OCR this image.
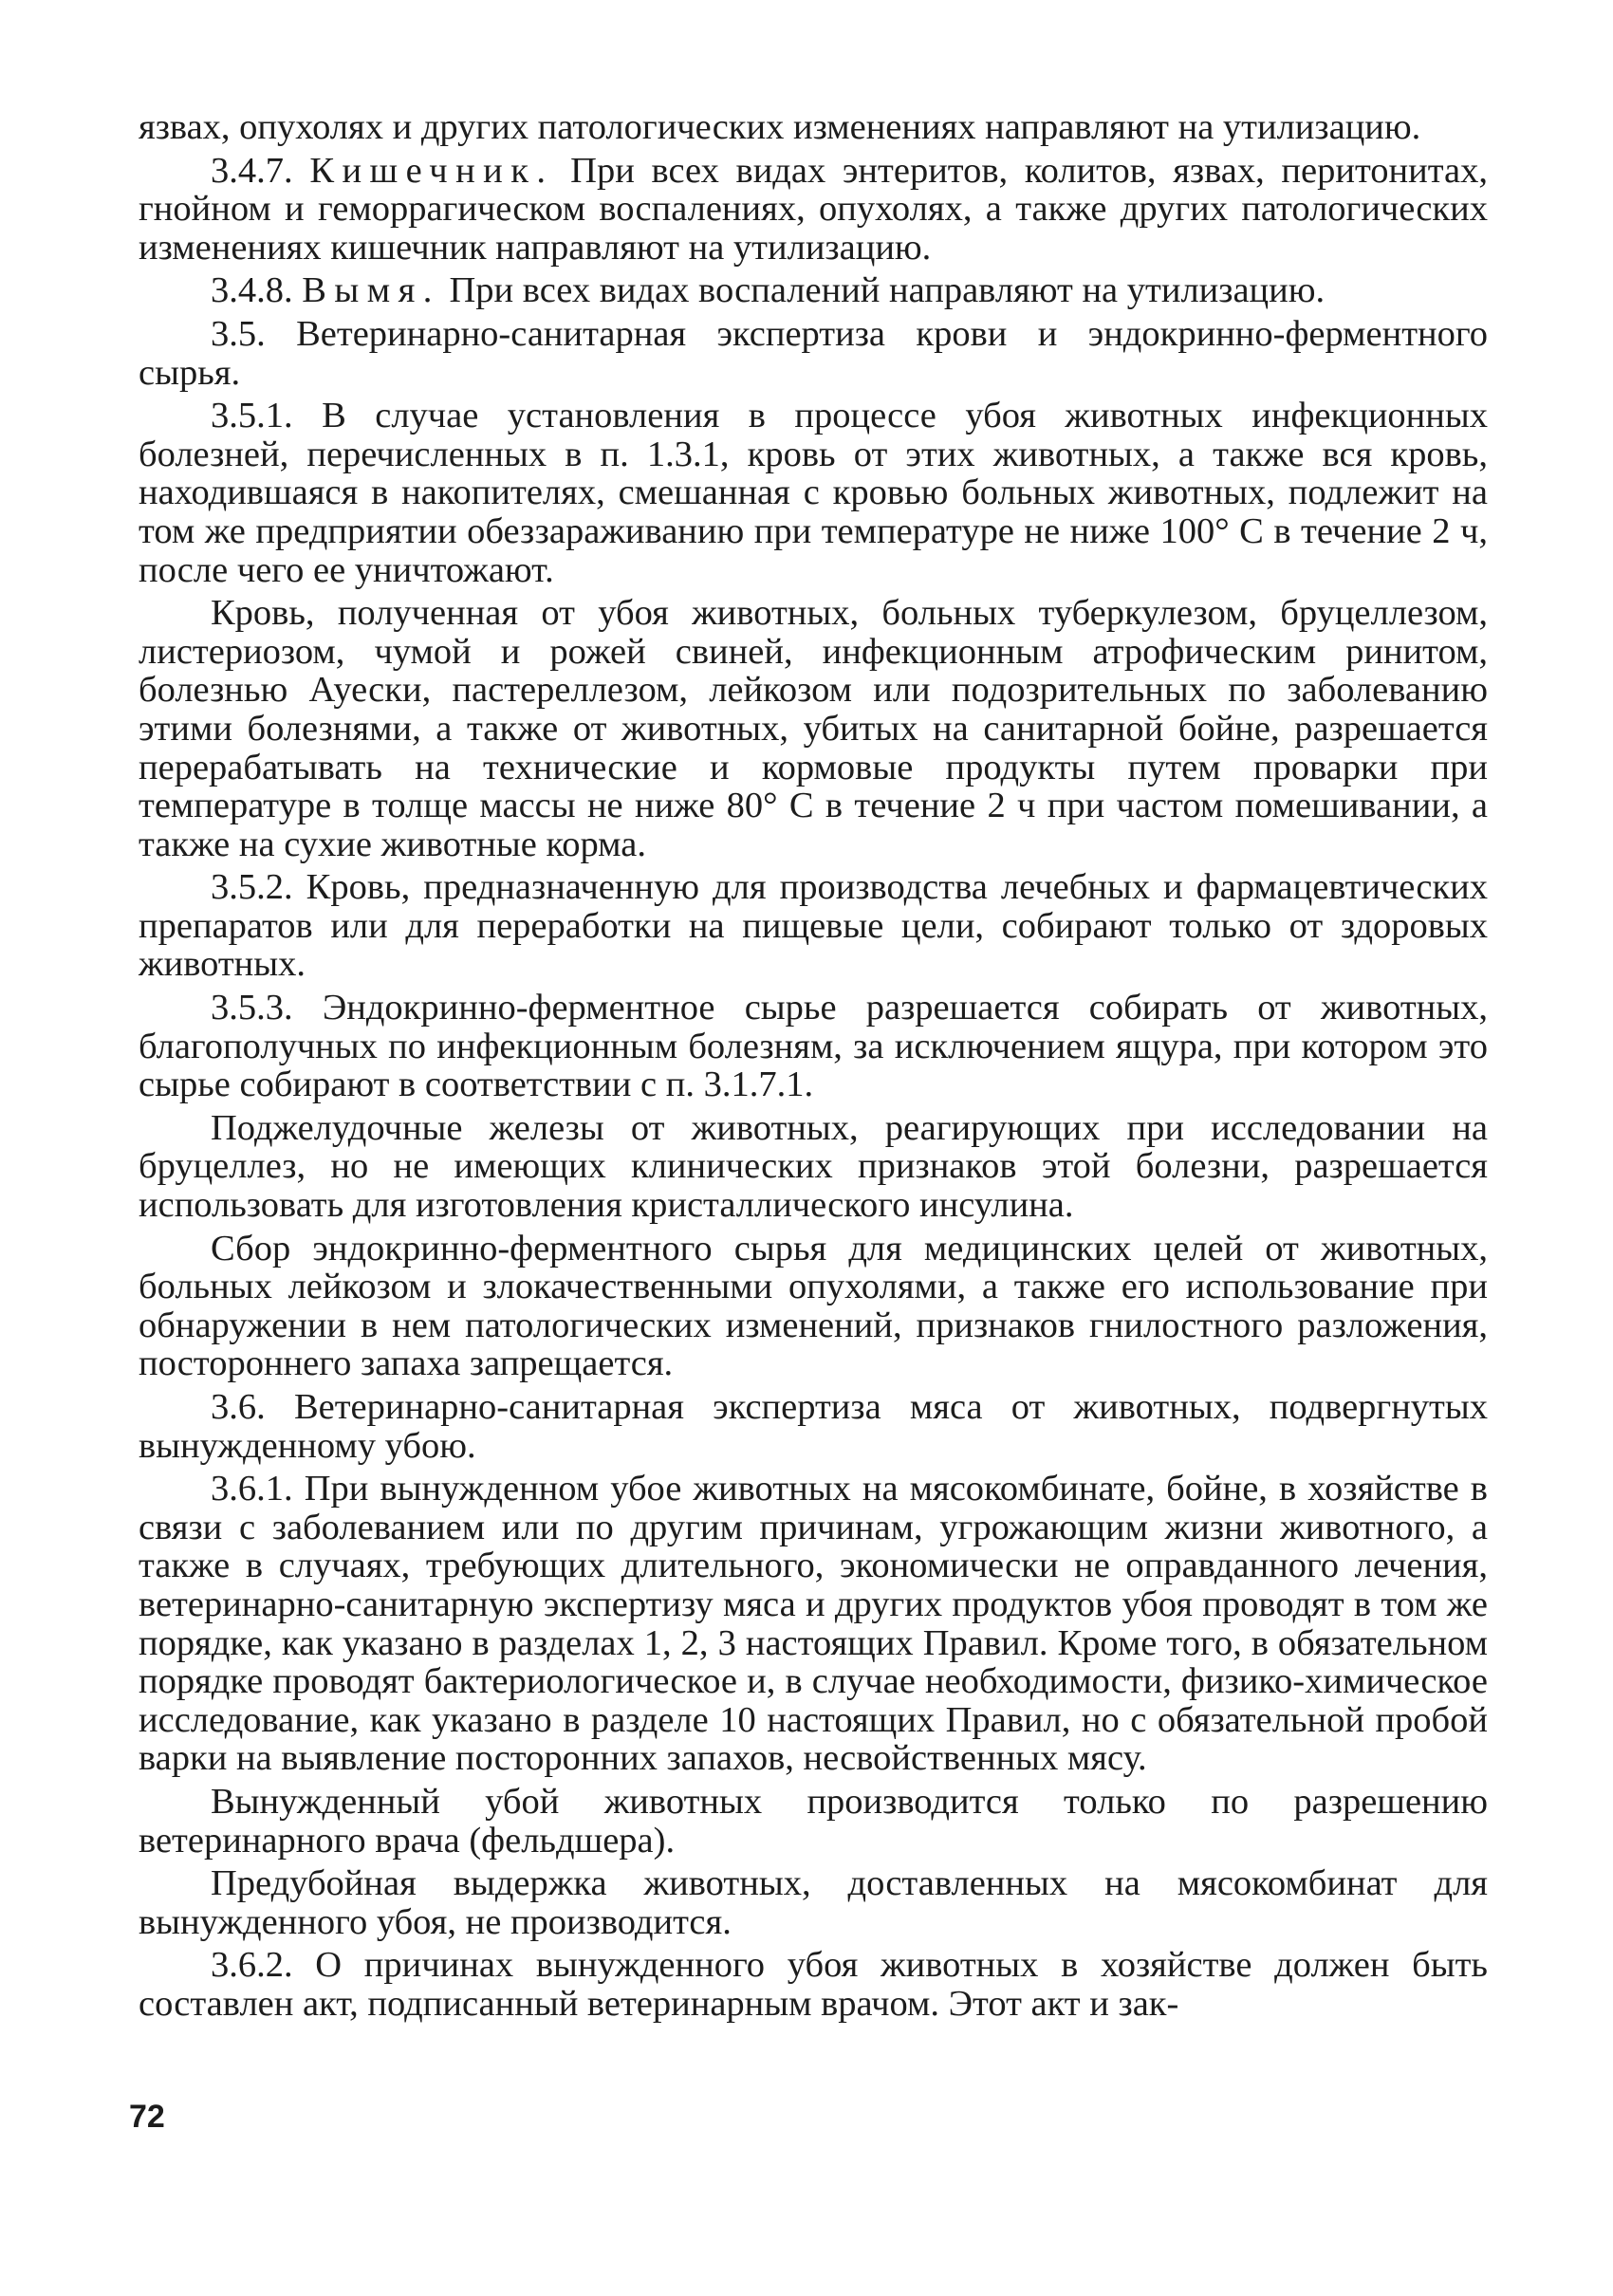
язвах, опухолях и других патологических изменениях направляют на утилизацию.

3.4.7. Кишечник. При всех видах энтеритов, колитов, язвах, перитонитах, гнойном и геморрагическом воспалениях, опухолях, а также других патологических изменениях кишечник направляют на утилизацию.

3.4.8. Вымя. При всех видах воспалений направляют на утилизацию.

3.5. Ветеринарно-санитарная экспертиза крови и эндокринно-ферментного сырья.

3.5.1. В случае установления в процессе убоя животных инфекционных болезней, перечисленных в п. 1.3.1, кровь от этих животных, а также вся кровь, находившаяся в накопителях, смешанная с кровью больных животных, подлежит на том же предприятии обеззараживанию при температуре не ниже 100° С в течение 2 ч, после чего ее уничтожают.

Кровь, полученная от убоя животных, больных туберкулезом, бруцеллезом, листериозом, чумой и рожей свиней, инфекционным атрофическим ринитом, болезнью Ауески, пастереллезом, лейкозом или подозрительных по заболеванию этими болезнями, а также от животных, убитых на санитарной бойне, разрешается перерабатывать на технические и кормовые продукты путем проварки при температуре в толще массы не ниже 80° С в течение 2 ч при частом помешивании, а также на сухие животные корма.

3.5.2. Кровь, предназначенную для производства лечебных и фармацевтических препаратов или для переработки на пищевые цели, собирают только от здоровых животных.

3.5.3. Эндокринно-ферментное сырье разрешается собирать от животных, благополучных по инфекционным болезням, за исключением ящура, при котором это сырье собирают в соответствии с п. 3.1.7.1.

Поджелудочные железы от животных, реагирующих при исследовании на бруцеллез, но не имеющих клинических признаков этой болезни, разрешается использовать для изготовления кристаллического инсулина.

Сбор эндокринно-ферментного сырья для медицинских целей от животных, больных лейкозом и злокачественными опухолями, а также его использование при обнаружении в нем патологических изменений, признаков гнилостного разложения, постороннего запаха запрещается.

3.6. Ветеринарно-санитарная экспертиза мяса от животных, подвергнутых вынужденному убою.

3.6.1. При вынужденном убое животных на мясокомбинате, бойне, в хозяйстве в связи с заболеванием или по другим причинам, угрожающим жизни животного, а также в случаях, требующих длительного, экономически не оправданного лечения, ветеринарно-санитарную экспертизу мяса и других продуктов убоя проводят в том же порядке, как указано в разделах 1, 2, 3 настоящих Правил. Кроме того, в обязательном порядке проводят бактериологическое и, в случае необходимости, физико-химическое исследование, как указано в разделе 10 настоящих Правил, но с обязательной пробой варки на выявление посторонних запахов, несвойственных мясу.

Вынужденный убой животных производится только по разрешению ветеринарного врача (фельдшера).

Предубойная выдержка животных, доставленных на мясокомбинат для вынужденного убоя, не производится.

3.6.2. О причинах вынужденного убоя животных в хозяйстве должен быть составлен акт, подписанный ветеринарным врачом. Этот акт и зак-

72
